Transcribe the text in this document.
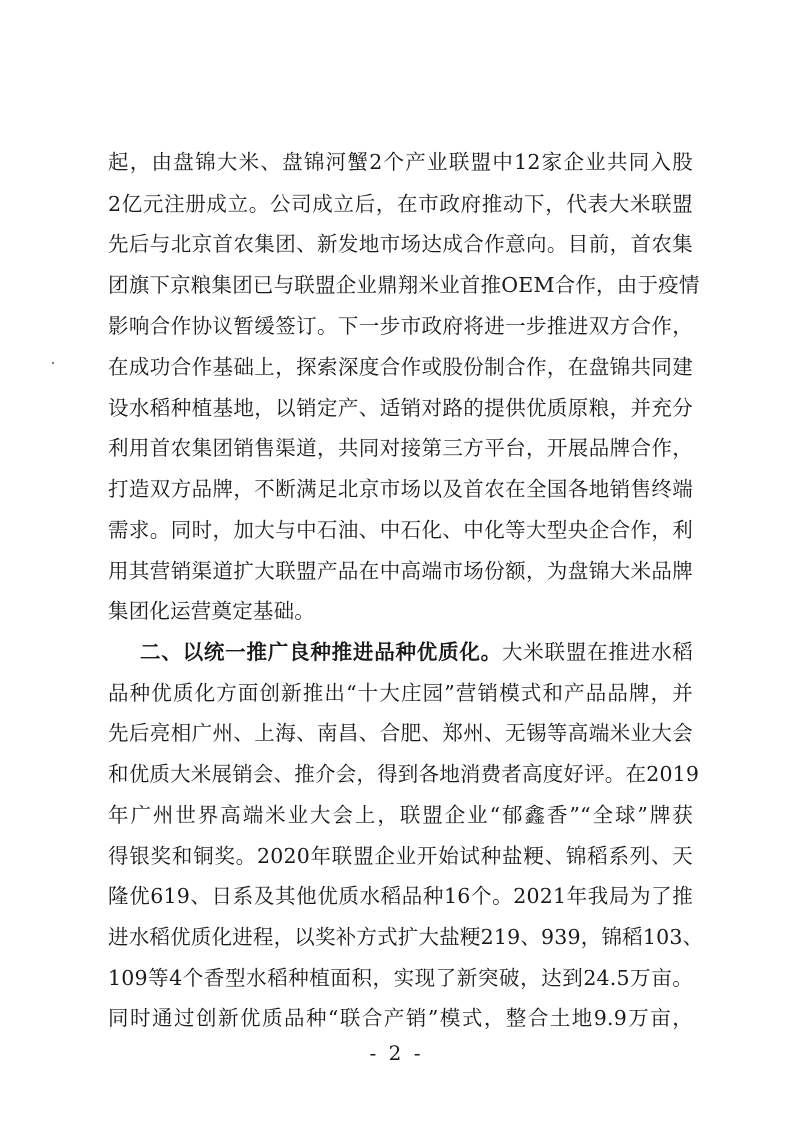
起，由盘锦大米、盘锦河蟹2个产业联盟中12家企业共同入股
2亿元注册成立。公司成立后，在市政府推动下，代表大米联盟
先后与北京首农集团、新发地市场达成合作意向。目前，首农集
团旗下京粮集团已与联盟企业鼎翔米业首推OEM合作，由于疫情
影响合作协议暂缓签订。下一步市政府将进一步推进双方合作，
在成功合作基础上，探索深度合作或股份制合作，在盘锦共同建
设水稻种植基地，以销定产、适销对路的提供优质原粮，并充分
利用首农集团销售渠道，共同对接第三方平台，开展品牌合作，
打造双方品牌，不断满足北京市场以及首农在全国各地销售终端
需求。同时，加大与中石油、中石化、中化等大型央企合作，利
用其营销渠道扩大联盟产品在中高端市场份额，为盘锦大米品牌
集团化运营奠定基础。
二、以统一推广良种推进品种优质化。大米联盟在推进水稻
品种优质化方面创新推出“十大庄园”营销模式和产品品牌，并
先后亮相广州、上海、南昌、合肥、郑州、无锡等高端米业大会
和优质大米展销会、推介会，得到各地消费者高度好评。在2019
年广州世界高端米业大会上，联盟企业“郁鑫香”“全球”牌获
得银奖和铜奖。2020年联盟企业开始试种盐粳、锦稻系列、天
隆优619、日系及其他优质水稻品种16个。2021年我局为了推
进水稻优质化进程，以奖补方式扩大盐粳219、939，锦稻103、
109等4个香型水稻种植面积，实现了新突破，达到24.5万亩。
同时通过创新优质品种“联合产销”模式，整合土地9.9万亩，
- 2 -
